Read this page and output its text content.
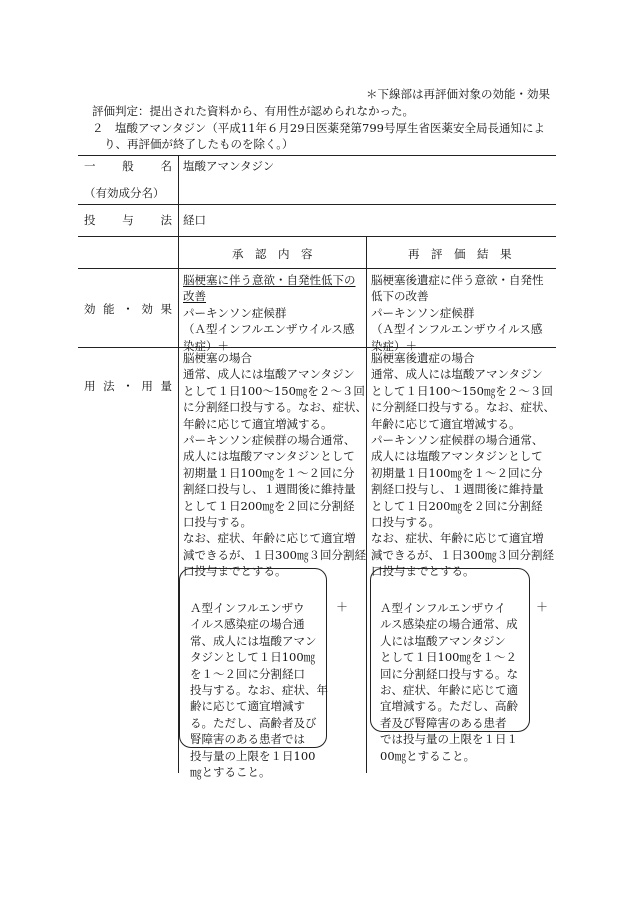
＊下線部は再評価対象の効能・効果
評価判定：提出された資料から、有用性が認められなかった。
２　塩酸アマンタジン（平成11年６月29日医薬発第799号厚生省医薬安全局長通知によ
り、再評価が終了したものを除く。）
一 般 名
（有効成分名）
塩酸アマンタジン
投 与 法 経口
承　認　内　容	再　評　価　結　果
効 能 ・ 効 果
脳梗塞に伴う意欲・自発性低下の
改善
パーキンソン症候群
（Ａ型インフルエンザウイルス感
染症）＋
脳梗塞後遺症に伴う意欲・自発性
低下の改善
パーキンソン症候群
（Ａ型インフルエンザウイルス感
染症）＋
用 法 ・ 用 量
脳梗塞の場合
通常、成人には塩酸アマンタジン
として１日100〜150㎎を２〜３回
に分割経口投与する。なお、症状、
年齢に応じて適宜増減する。
パーキンソン症候群の場合通常、
成人には塩酸アマンタジンとして
初期量１日100㎎を１〜２回に分
割経口投与し、１週間後に維持量
として１日200㎎を２回に分割経
口投与する。
なお、症状、年齢に応じて適宜増
減できるが、１日300㎎３回分割経
口投与までとする。
脳梗塞後遺症の場合
通常、成人には塩酸アマンタジン
として１日100〜150㎎を２〜３回
に分割経口投与する。なお、症状、
年齢に応じて適宜増減する。
パーキンソン症候群の場合通常、
成人には塩酸アマンタジンとして
初期量１日100㎎を１〜２回に分
割経口投与し、１週間後に維持量
として１日200㎎を２回に分割経
口投与する。
なお、症状、年齢に応じて適宜増
減できるが、１日300㎎３回分割経
口投与までとする。
Ａ型インフルエンザウ
イルス感染症の場合通
常、成人には塩酸アマン
タジンとして１日100㎎
を１〜２回に分割経口
投与する。なお、症状、年
齢に応じて適宜増減す
る。ただし、高齢者及び
腎障害のある患者では
投与量の上限を１日100
㎎とすること。
＋	Ａ型インフルエンザウイ
ルス感染症の場合通常、成
人には塩酸アマンタジン
として１日100㎎を１〜２
回に分割経口投与する。な
お、症状、年齢に応じて適
宜増減する。ただし、高齢
者及び腎障害のある患者
では投与量の上限を１日１
00㎎とすること。
＋
